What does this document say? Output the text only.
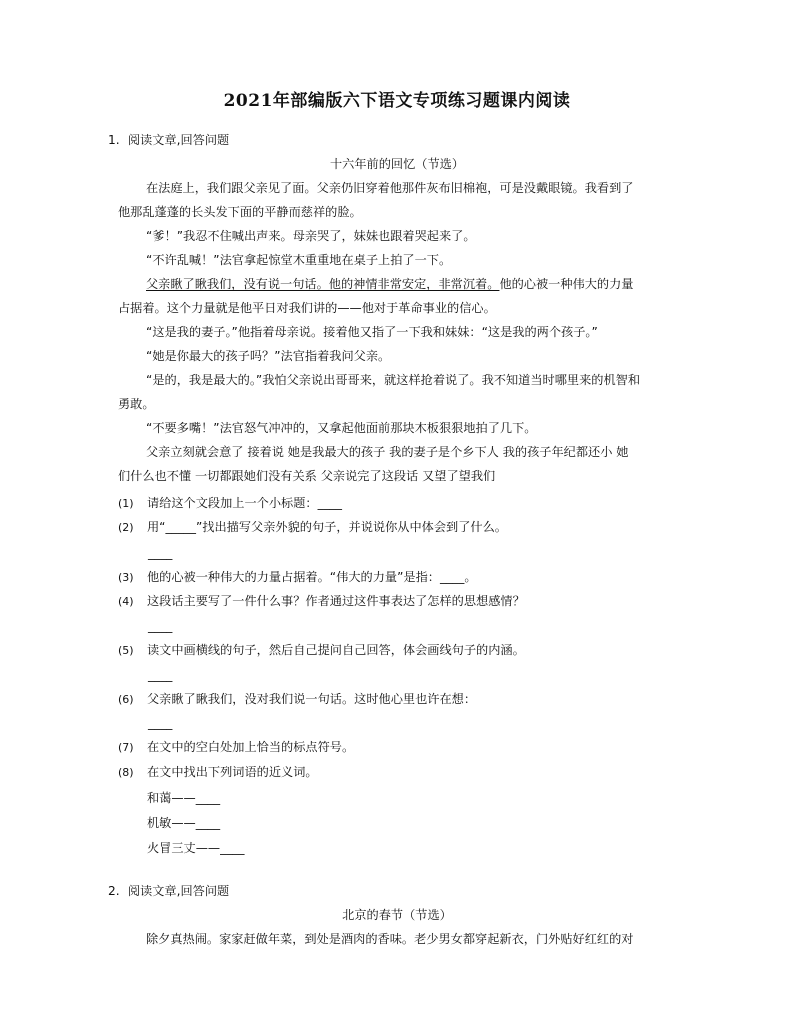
2021年部编版六下语文专项练习题课内阅读
1. 阅读文章,回答问题
十六年前的回忆（节选）
在法庭上，我们跟父亲见了面。父亲仍旧穿着他那件灰布旧棉袍，可是没戴眼镜。我看到了
他那乱蓬蓬的长头发下面的平静而慈祥的脸。
“爹！”我忍不住喊出声来。母亲哭了，妹妹也跟着哭起来了。
“不许乱喊！”法官拿起惊堂木重重地在桌子上拍了一下。
父亲瞅了瞅我们，没有说一句话。他的神情非常安定，非常沉着。他的心被一种伟大的力量
占据着。这个力量就是他平日对我们讲的——他对于革命事业的信心。
“这是我的妻子。”他指着母亲说。接着他又指了一下我和妹妹：“这是我的两个孩子。”
“她是你最大的孩子吗？”法官指着我问父亲。
“是的，我是最大的。”我怕父亲说出哥哥来，就这样抢着说了。我不知道当时哪里来的机智和
勇敢。
“不要多嘴！”法官怒气冲冲的，又拿起他面前那块木板狠狠地拍了几下。
父亲立刻就会意了 接着说 她是我最大的孩子 我的妻子是个乡下人 我的孩子年纪都还小 她
们什么也不懂 一切都跟她们没有关系 父亲说完了这段话 又望了望我们
(1) 请给这个文段加上一个小标题：____
(2) 用“_____”找出描写父亲外貌的句子，并说说你从中体会到了什么。
____
(3) 他的心被一种伟大的力量占据着。“伟大的力量”是指：____。
(4) 这段话主要写了一件什么事？作者通过这件事表达了怎样的思想感情？
____
(5) 读文中画横线的句子，然后自己提问自己回答，体会画线句子的内涵。
____
(6) 父亲瞅了瞅我们，没对我们说一句话。这时他心里也许在想：
____
(7) 在文中的空白处加上恰当的标点符号。
(8) 在文中找出下列词语的近义词。
和蔼——____
机敏——____
火冒三丈——____
2. 阅读文章,回答问题
北京的春节（节选）
除夕真热闹。家家赶做年菜，到处是酒肉的香味。老少男女都穿起新衣，门外贴好红红的对
